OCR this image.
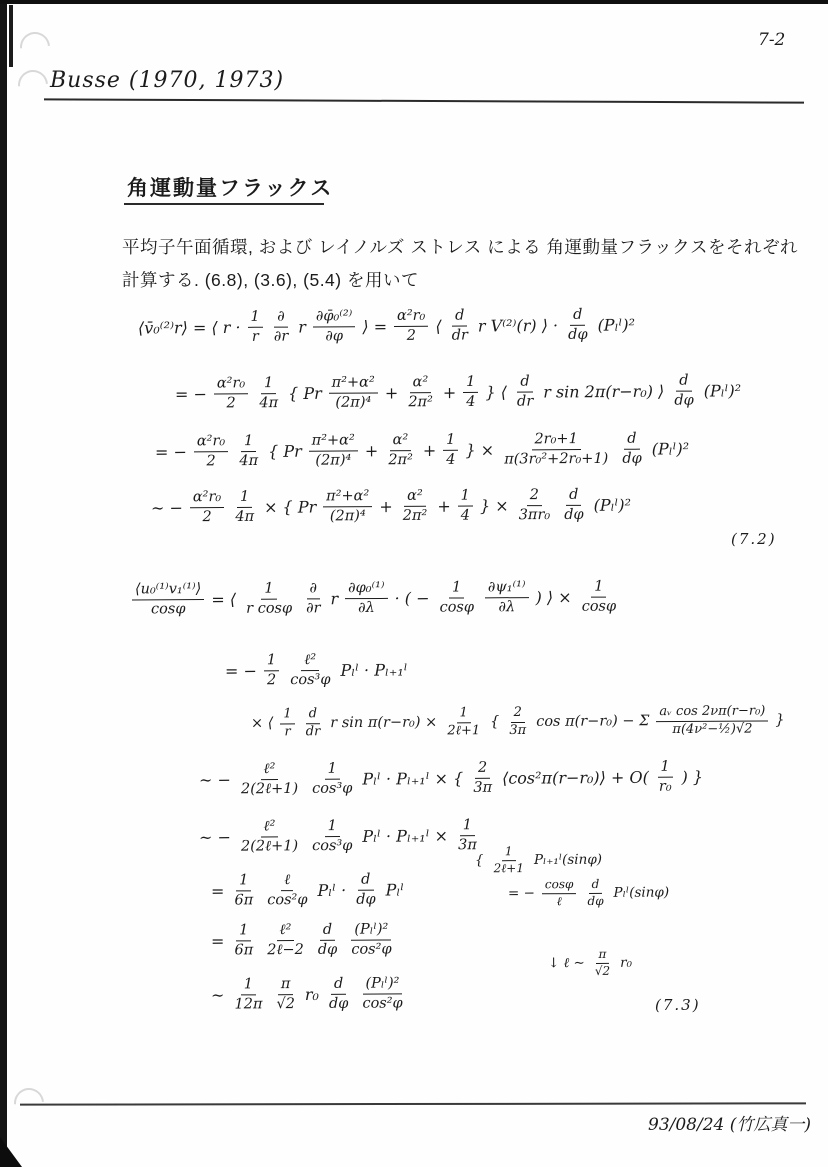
7-2
Busse (1970, 1973)
角運動量フラックス
平均子午面循環, および レイノルズ ストレス による 角運動量フラックスをそれぞれ
計算する. (6.8), (3.6), (5.4) を用いて
⟨v̄₀⁽²⁾r⟩ = ⟨ $r \cdot \frac{1}{r} \frac{\partial}{\partial r}$ r $\frac{\text{∂φ̄₀⁽²⁾}}{\partial\varphi}$ ⟩ = $\frac{\text{α²r₀}}{2}$ ⟨ $\frac{d}{dr}$ r V⁽²⁾(r) ⟩ · $\frac{d}{d\varphi}$ (Pₗˡ)²
= − $\frac{\text{α²r₀}}{2} \frac{1}{4\pi}$ { Pr $\frac{\text{π²+α²}}{\text{(2π)⁴}} + \frac{\text{α²}}{\text{2π²}} + \frac{1}{4}$ } ⟨ $\frac{d}{dr}$ r sin 2π(r−r₀) ⟩ $\frac{d}{d\varphi}$ (Pₗˡ)²
= − $\frac{\text{α²r₀}}{2} \frac{1}{4\pi}$ { Pr $\frac{\text{π²+α²}}{\text{(2π)⁴}} + \frac{\text{α²}}{\text{2π²}} + \frac{1}{4}$ } × $\frac{\text{2r₀+1}}{\text{π(3r₀²+2r₀+1)}} \frac{d}{d\varphi}$ (Pₗˡ)²
∼ − $\frac{\text{α²r₀}}{2} \frac{1}{4\pi}$ × { Pr $\frac{\text{π²+α²}}{\text{(2π)⁴}} + \frac{\text{α²}}{\text{2π²}} + \frac{1}{4}$ } × $\frac{2}{\text{3πr₀}} \frac{d}{d\varphi}$ (Pₗˡ)²
(7.2)
$\frac{\text{⟨u₀⁽¹⁾v₁⁽¹⁾⟩}}{\cos\varphi}$ = ⟨ $\frac{1}{\text{r cosφ}} \frac{\partial}{\partial r}$ r $\frac{\text{∂φ₀⁽¹⁾}}{\partial\lambda}$ · ( − $\frac{1}{\cos\varphi} \frac{\text{∂ψ₁⁽¹⁾}}{\partial\lambda}$ ) ⟩ × $\frac{1}{\cos\varphi}$
= − $\frac{1}{2} \frac{\text{ℓ²}}{\text{cos³φ}}$ Pₗˡ · Pₗ₊₁ˡ
× ⟨ $\frac{1}{r} \frac{d}{dr}$ r $\sin \pi(r-r_0) \times \frac{1}{\text{2ℓ+1}}$ { $\frac{2}{3\pi}$ cos π(r−r₀) − Σ $\frac{\text{aᵥ cos 2νπ(r−r₀)}}{\text{π(4ν²−½)√2}}$ }
∼ − $\frac{\text{ℓ²}}{\text{2(2ℓ+1)}} \frac{1}{\text{cos³φ}}$ Pₗˡ · Pₗ₊₁ˡ × { $\frac{2}{3\pi}$ ⟨cos²π(r−r₀)⟩ + $O( \frac{1}{\text{r₀}}$ ) }
∼ − $\frac{\text{ℓ²}}{\text{2(2ℓ+1)}} \frac{1}{\text{cos³φ}}$ Pₗˡ · Pₗ₊₁ˡ × $\frac{1}{3\pi}$
= $\frac{1}{6\pi} \frac{\text{ℓ}}{\text{cos²φ}}$ Pₗˡ · $\frac{d}{d\varphi}$ Pₗˡ
= $\frac{1}{6\pi} \frac{\text{ℓ²}}{\text{2ℓ−2}} \frac{d}{d\varphi} \frac{\text{(Pₗˡ)²}}{\text{cos²φ}}$
∼ $\frac{1}{12\pi} \frac{\pi}{√2} r_0 \frac{d}{d\varphi} \frac{\text{(Pₗˡ)²}}{\text{cos²φ}}$
{ $\frac{1}{\text{2ℓ+1}}$ Pₗ₊₁ˡ(sinφ)
= − $\frac{\cos\varphi}{\text{ℓ}} \frac{d}{d\varphi}$ Pₗˡ(sinφ)
↓ ℓ ∼ $\frac{\pi}{√2} r_0$
(7.3)
93/08/24 (竹広真一)
